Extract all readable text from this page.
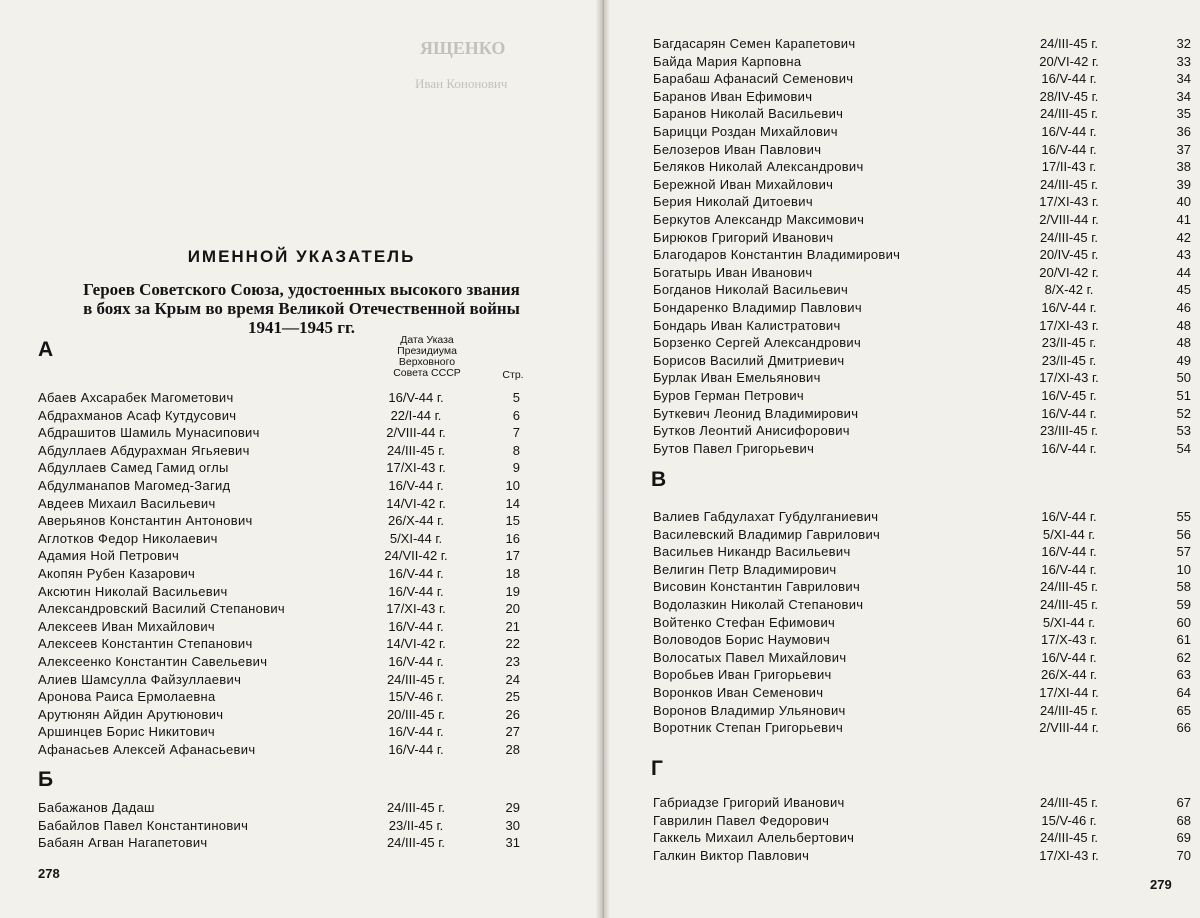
ЯЩЕНКО
Иван Кононович
ИМЕННОЙ УКАЗАТЕЛЬ
Героев Советского Союза, удостоенных высокого звания
в боях за Крым во время Великой Отечественной войны
1941—1945 гг.
Дата Указа
Президиума
Верховного
Совета СССР	Стр.
А
Абаев Ахсарабек Магометович	16/V-44 г.	5
Абдрахманов Асаф Кутдусович	22/I-44 г.	6
Абдрашитов Шамиль Мунасипович	2/VIII-44 г.	7
Абдуллаев Абдурахман Ягьяевич	24/III-45 г.	8
Абдуллаев Самед Гамид оглы	17/XI-43 г.	9
Абдулманапов Магомед-Загид	16/V-44 г.	10
Авдеев Михаил Васильевич	14/VI-42 г.	14
Аверьянов Константин Антонович	26/X-44 г.	15
Аглотков Федор Николаевич	5/XI-44 г.	16
Адамия Ной Петрович	24/VII-42 г.	17
Акопян Рубен Казарович	16/V-44 г.	18
Аксютин Николай Васильевич	16/V-44 г.	19
Александровский Василий Степанович	17/XI-43 г.	20
Алексеев Иван Михайлович	16/V-44 г.	21
Алексеев Константин Степанович	14/VI-42 г.	22
Алексеенко Константин Савельевич	16/V-44 г.	23
Алиев Шамсулла Файзуллаевич	24/III-45 г.	24
Аронова Раиса Ермолаевна	15/V-46 г.	25
Арутюнян Айдин Арутюнович	20/III-45 г.	26
Аршинцев Борис Никитович	16/V-44 г.	27
Афанасьев Алексей Афанасьевич	16/V-44 г.	28
Б
Бабажанов Дадаш	24/III-45 г.	29
Бабайлов Павел Константинович	23/II-45 г.	30
Бабаян Агван Нагапетович	24/III-45 г.	31
278
Багдасарян Семен Карапетович	24/III-45 г.	32
Байда Мария Карповна	20/VI-42 г.	33
Барабаш Афанасий Семенович	16/V-44 г.	34
Баранов Иван Ефимович	28/IV-45 г.	34
Баранов Николай Васильевич	24/III-45 г.	35
Барицци Роздан Михайлович	16/V-44 г.	36
Белозеров Иван Павлович	16/V-44 г.	37
Беляков Николай Александрович	17/II-43 г.	38
Бережной Иван Михайлович	24/III-45 г.	39
Берия Николай Дитоевич	17/XI-43 г.	40
Беркутов Александр Максимович	2/VIII-44 г.	41
Бирюков Григорий Иванович	24/III-45 г.	42
Благодаров Константин Владимирович	20/IV-45 г.	43
Богатырь Иван Иванович	20/VI-42 г.	44
Богданов Николай Васильевич	8/X-42 г.	45
Бондаренко Владимир Павлович	16/V-44 г.	46
Бондарь Иван Калистратович	17/XI-43 г.	48
Борзенко Сергей Александрович	23/II-45 г.	48
Борисов Василий Дмитриевич	23/II-45 г.	49
Бурлак Иван Емельянович	17/XI-43 г.	50
Буров Герман Петрович	16/V-45 г.	51
Буткевич Леонид Владимирович	16/V-44 г.	52
Бутков Леонтий Анисифорович	23/III-45 г.	53
Бутов Павел Григорьевич	16/V-44 г.	54
В
Валиев Габдулахат Губдулганиевич	16/V-44 г.	55
Василевский Владимир Гаврилович	5/XI-44 г.	56
Васильев Никандр Васильевич	16/V-44 г.	57
Велигин Петр Владимирович	16/V-44 г.	10
Висовин Константин Гаврилович	24/III-45 г.	58
Водолазкин Николай Степанович	24/III-45 г.	59
Войтенко Стефан Ефимович	5/XI-44 г.	60
Воловодов Борис Наумович	17/X-43 г.	61
Волосатых Павел Михайлович	16/V-44 г.	62
Воробьев Иван Григорьевич	26/X-44 г.	63
Воронков Иван Семенович	17/XI-44 г.	64
Воронов Владимир Ульянович	24/III-45 г.	65
Воротник Степан Григорьевич	2/VIII-44 г.	66
Г
Габриадзе Григорий Иванович	24/III-45 г.	67
Гаврилин Павел Федорович	15/V-46 г.	68
Гаккель Михаил Алельбертович	24/III-45 г.	69
Галкин Виктор Павлович	17/XI-43 г.	70
279
